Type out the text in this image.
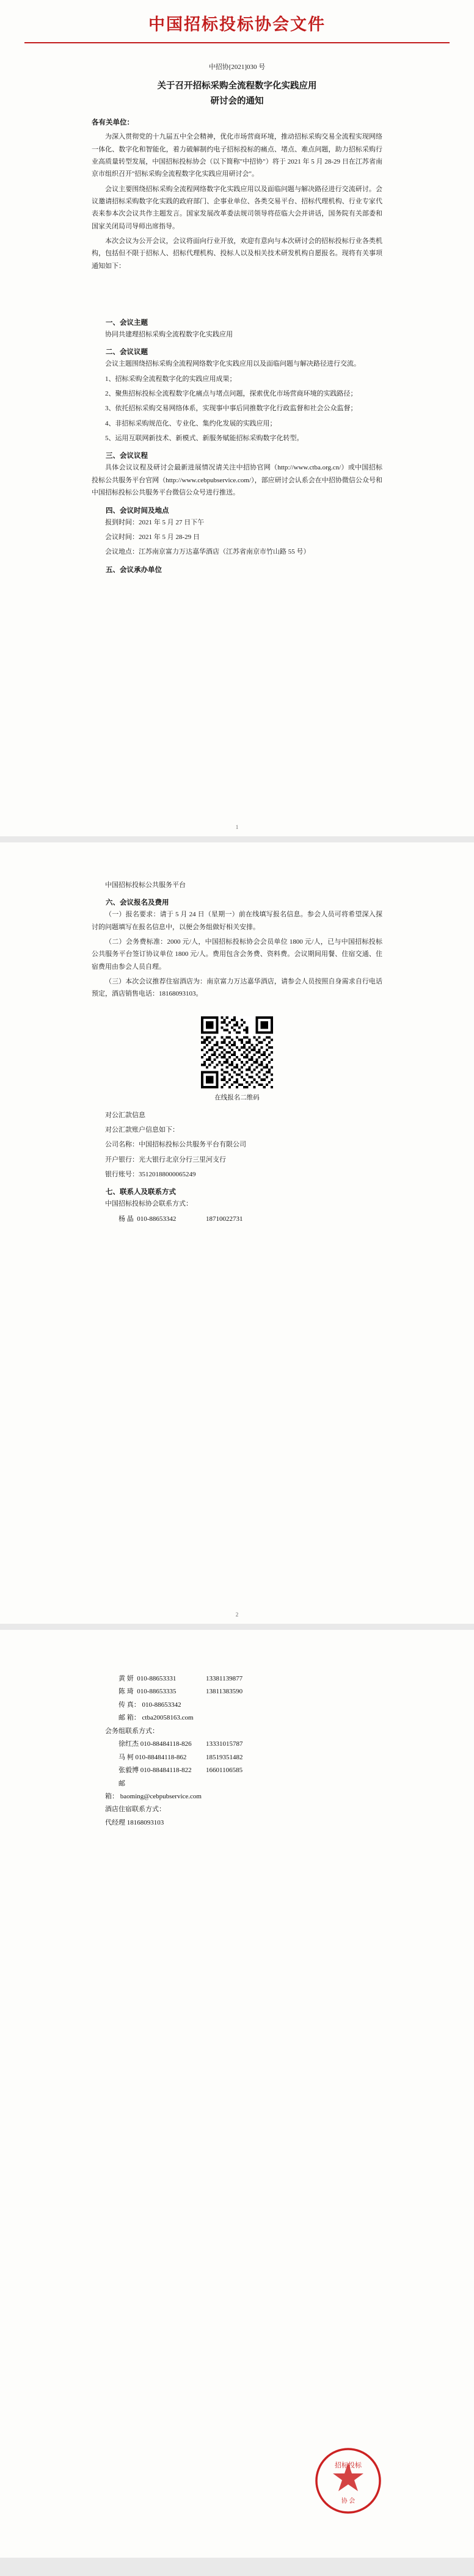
中国招标投标协会文件
中招协[2021]030 号
关于召开招标采购全流程数字化实践应用
研讨会的通知
各有关单位：

为深入贯彻党的十九届五中全会精神，优化市场营商环境，推动招标采购交易全流程实现网络一体化、数字化和智能化，着力破解制约电子招标投标的痛点、堵点、难点问题，助力招标采购行业高质量转型发展，中国招标投标协会（以下简称"中招协"）将于 2021 年 5 月 28-29 日在江苏省南京市组织召开"招标采购全流程数字化实践应用研讨会"。

会议主要围绕招标采购全流程网络数字化实践应用以及面临问题与解决路径进行交流研讨。会议邀请招标采购数字化实践的政府部门、企事业单位、各类交易平台、招标代理机构、行业专家代表来参本次会议共作主题发言。国家发展改革委法规司领导将莅临大会并讲话，国务院有关部委和国家关闭局司导师出席指导。

本次会议为公开会议，会议将面向行业开放，欢迎有意向与本次研讨会的招标投标行业各类机构，包括但不限于招标人、招标代理机构、投标人以及相关技术研发机构自愿报名。现将有关事项通知如下：

一、会议主题

协同共建理招标采购全流程数字化实践应用

二、会议议题

会议主题围绕招标采购全流程网络数字化实践应用以及面临问题与解决路径进行交流。

1、招标采购全流程数字化的实践应用成果；

2、聚焦招标投标全流程数字化痛点与堵点问题，探索优化市场营商环境的实践路径；

3、依托招标采购交易网络体系，实现事中事后同推数字化行政监督和社会公众监督；

4、非招标采购规范化、专业化、集约化发展的实践应用；

5、运用互联网新技术、新模式、新服务赋能招标采购数字化转型。

三、会议议程

具体会议议程及研讨会最新进展情况请关注中招协官网（http://www.ctba.org.cn/）或中国招标投标公共服务平台官网（http://www.cebpubservice.com/），部应研讨会认系会在中招协微信公众号和中国招标投标公共服务平台微信公众号进行推送。

四、会议时间及地点

报到时间：2021 年 5 月 27 日下午

会议时间：2021 年 5 月 28-29 日

会议地点：江苏南京富力万达嘉华酒店（江苏省南京市竹山路 55 号）

五、会议承办单位
1

中国招标投标公共服务平台

六、会议报名及费用

（一）报名要求：请于 5 月 24 日（星期一）前在线填写报名信息。参会人员可将希望深入探讨的问题填写在报名信息中，以便会务组做好相关安排。

（二）会务费标准：2000 元/人，中国招标投标协会会员单位 1800 元/人，已与中国招标投标公共服务平台签订协议单位 1800 元/人。费用包含会务费、资料费。会议期间用餐、住宿交通、住宿费用由参会人员自理。

（三）本次会议推荐住宿酒店为：南京富力万达嘉华酒店，请参会人员按照自身需求自行电话预定，酒店销售电话：18168093103。

在线报名二维码

对公汇款信息

对公汇款账户信息如下：

公司名称：中国招标投标公共服务平台有限公司

开户银行：光大银行北京分行三里河支行

银行账号：35120188000065249

七、联系人及联系方式

中国招标投标协会联系方式：

杨 晶 010-88653342	18710022731

2

黄 妍 010-88653331	13381139877

陈 琦 010-88653335	13811383590

传 真： 010-88653342

邮 箱： ctba20058163.com

会务组联系方式：

徐红杰 010-88484118-826 13331015787

马 柯 010-88484118-862	18519351482

张毅博 010-88484118-822 16601106585

邮 箱： baoming@cebpubservice.com

酒店住宿联系方式：

代经理 18168093103

招标投标
协 会
